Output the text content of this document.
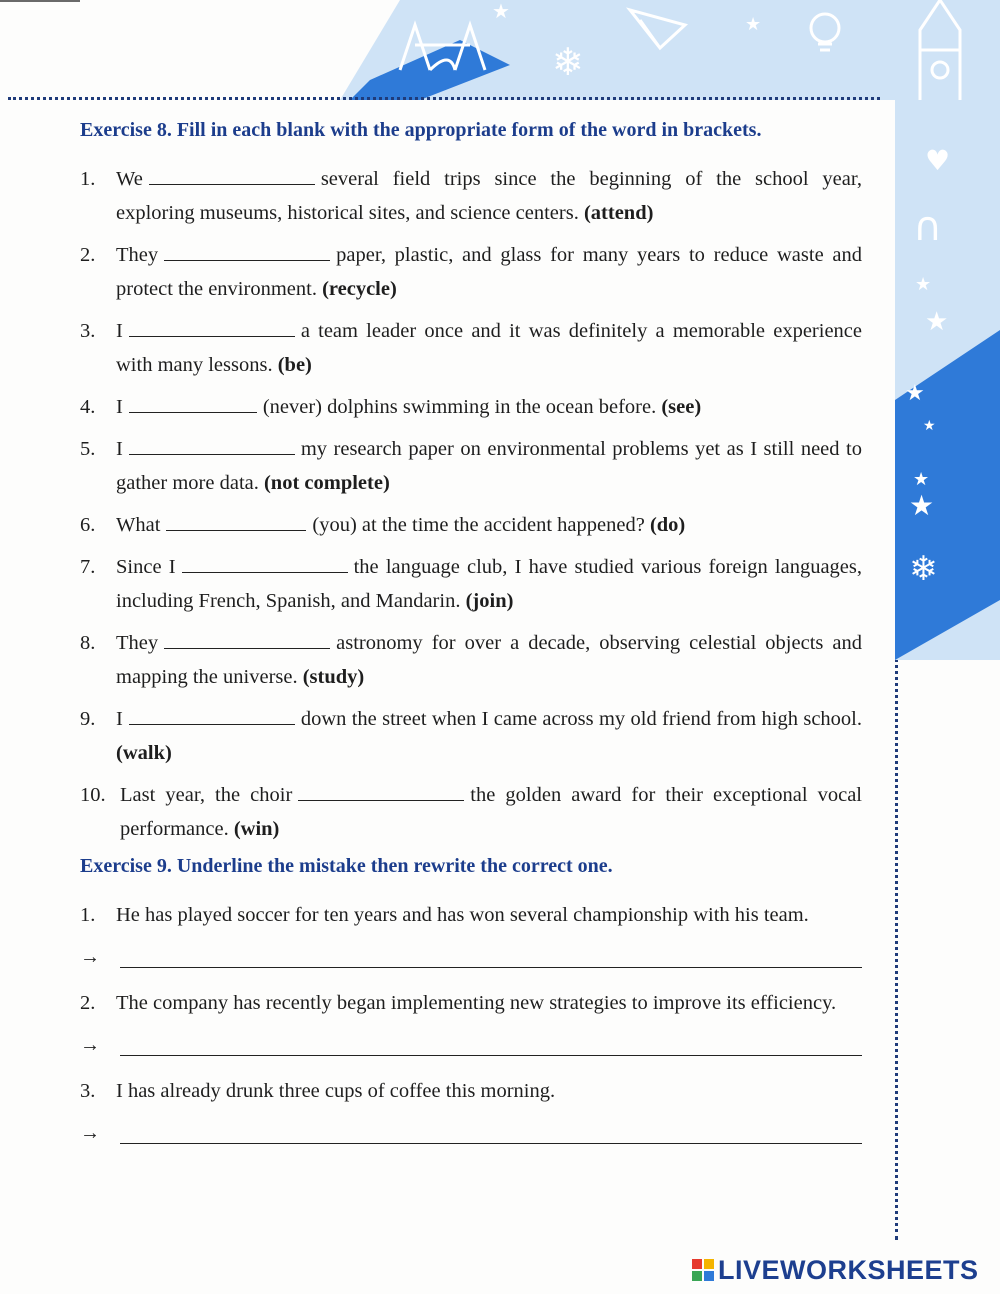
❄
★
★
♥
∩
★
★
★
★
★
★
❄
Exercise 8. Fill in each blank with the appropriate form of the word in brackets.
1.	We	several field trips since the beginning of the school year, exploring museums, historical sites, and science centers. (attend)
2.	They	paper, plastic, and glass for many years to reduce waste and protect the environment. (recycle)
3.	I	a team leader once and it was definitely a memorable experience with many lessons. (be)
4.	I	(never) dolphins swimming in the ocean before. (see)
5.	I	my research paper on environmental problems yet as I still need to gather more data. (not complete)
6.	What	(you) at the time the accident happened? (do)
7.	Since I	the language club, I have studied various foreign languages, including French, Spanish, and Mandarin. (join)
8.	They	astronomy for over a decade, observing celestial objects and mapping the universe. (study)
9.	I	down the street when I came across my old friend from high school. (walk)
10. Last year, the choir	the golden award for their exceptional vocal performance. (win)
Exercise 9. Underline the mistake then rewrite the correct one.
1.	He has played soccer for ten years and has won several championship with his team.
→
2.	The company has recently began implementing new strategies to improve its efficiency.
→
3.	I has already drunk three cups of coffee this morning.
→
LIVEWORKSHEETS
